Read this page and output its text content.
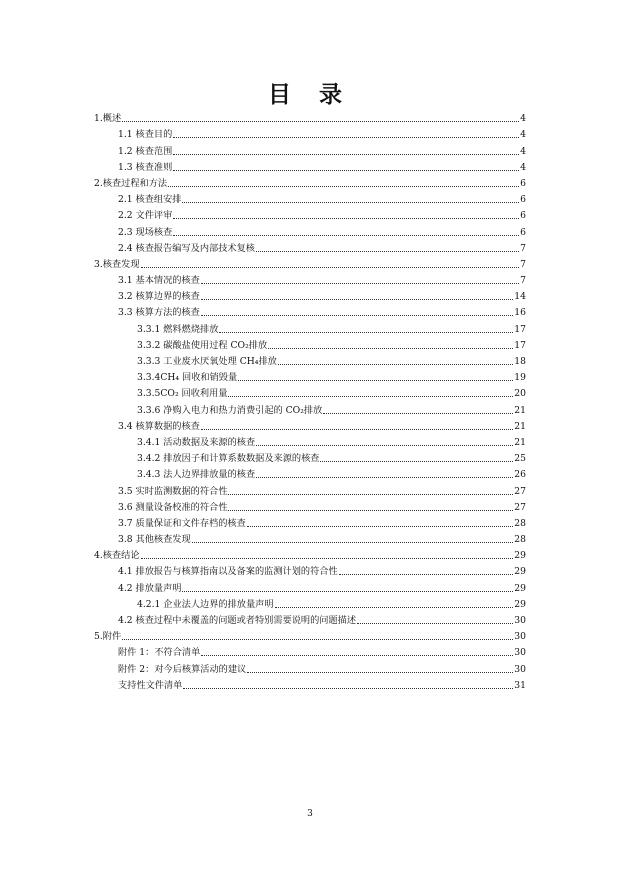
目 录
1.概述	4
1.1 核查目的	4
1.2 核查范围	4
1.3 核查准则	4
2.核查过程和方法	6
2.1 核查组安排	6
2.2 文件评审	6
2.3 现场核查	6
2.4 核查报告编写及内部技术复核	7
3.核查发现	7
3.1 基本情况的核查	7
3.2 核算边界的核查	14
3.3 核算方法的核查	16
3.3.1 燃料燃烧排放	17
3.3.2 碳酸盐使用过程 CO₂排放	17
3.3.3 工业废水厌氧处理 CH₄排放	18
3.3.4CH₄ 回收和销毁量	19
3.3.5CO₂ 回收利用量	20
3.3.6 净购入电力和热力消费引起的 CO₂排放	21
3.4 核算数据的核查	21
3.4.1 活动数据及来源的核查	21
3.4.2 排放因子和计算系数数据及来源的核查	25
3.4.3 法人边界排放量的核查	26
3.5 实时监测数据的符合性	27
3.6 测量设备校准的符合性	27
3.7 质量保证和文件存档的核查	28
3.8 其他核查发现	28
4.核查结论	29
4.1 排放报告与核算指南以及备案的监测计划的符合性	29
4.2 排放量声明	29
4.2.1 企业法人边界的排放量声明	29
4.2 核查过程中未覆盖的问题或者特别需要说明的问题描述	30
5.附件	30
附件 1：不符合清单	30
附件 2：对今后核算活动的建议	30
支持性文件清单	31
3
